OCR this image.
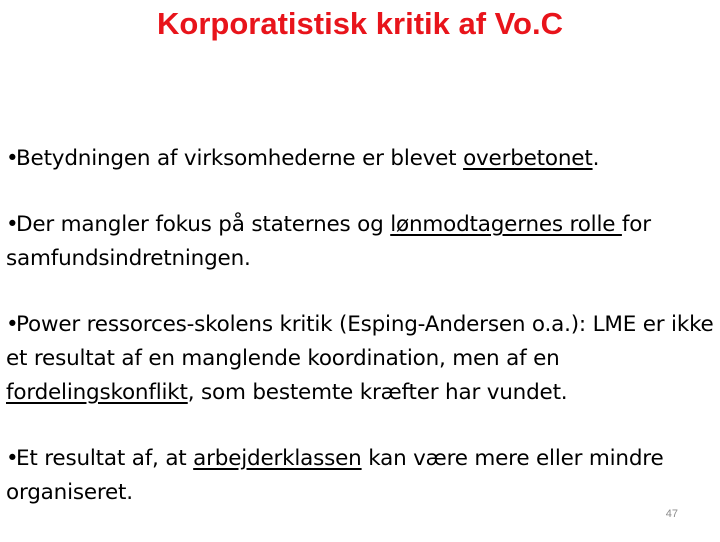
Korporatistisk kritik af Vo.C

•Betydningen af virksomhederne er blevet overbetonet.

•Der mangler fokus på staternes og lønmodtagernes rolle for samfundsindretningen.

•Power ressorces-skolens kritik (Esping-Andersen o.a.): LME er ikke et resultat af en manglende koordination, men af en fordelingskonflikt, som bestemte kræfter har vundet.

•Et resultat af, at arbejderklassen kan være mere eller mindre organiseret.

47
